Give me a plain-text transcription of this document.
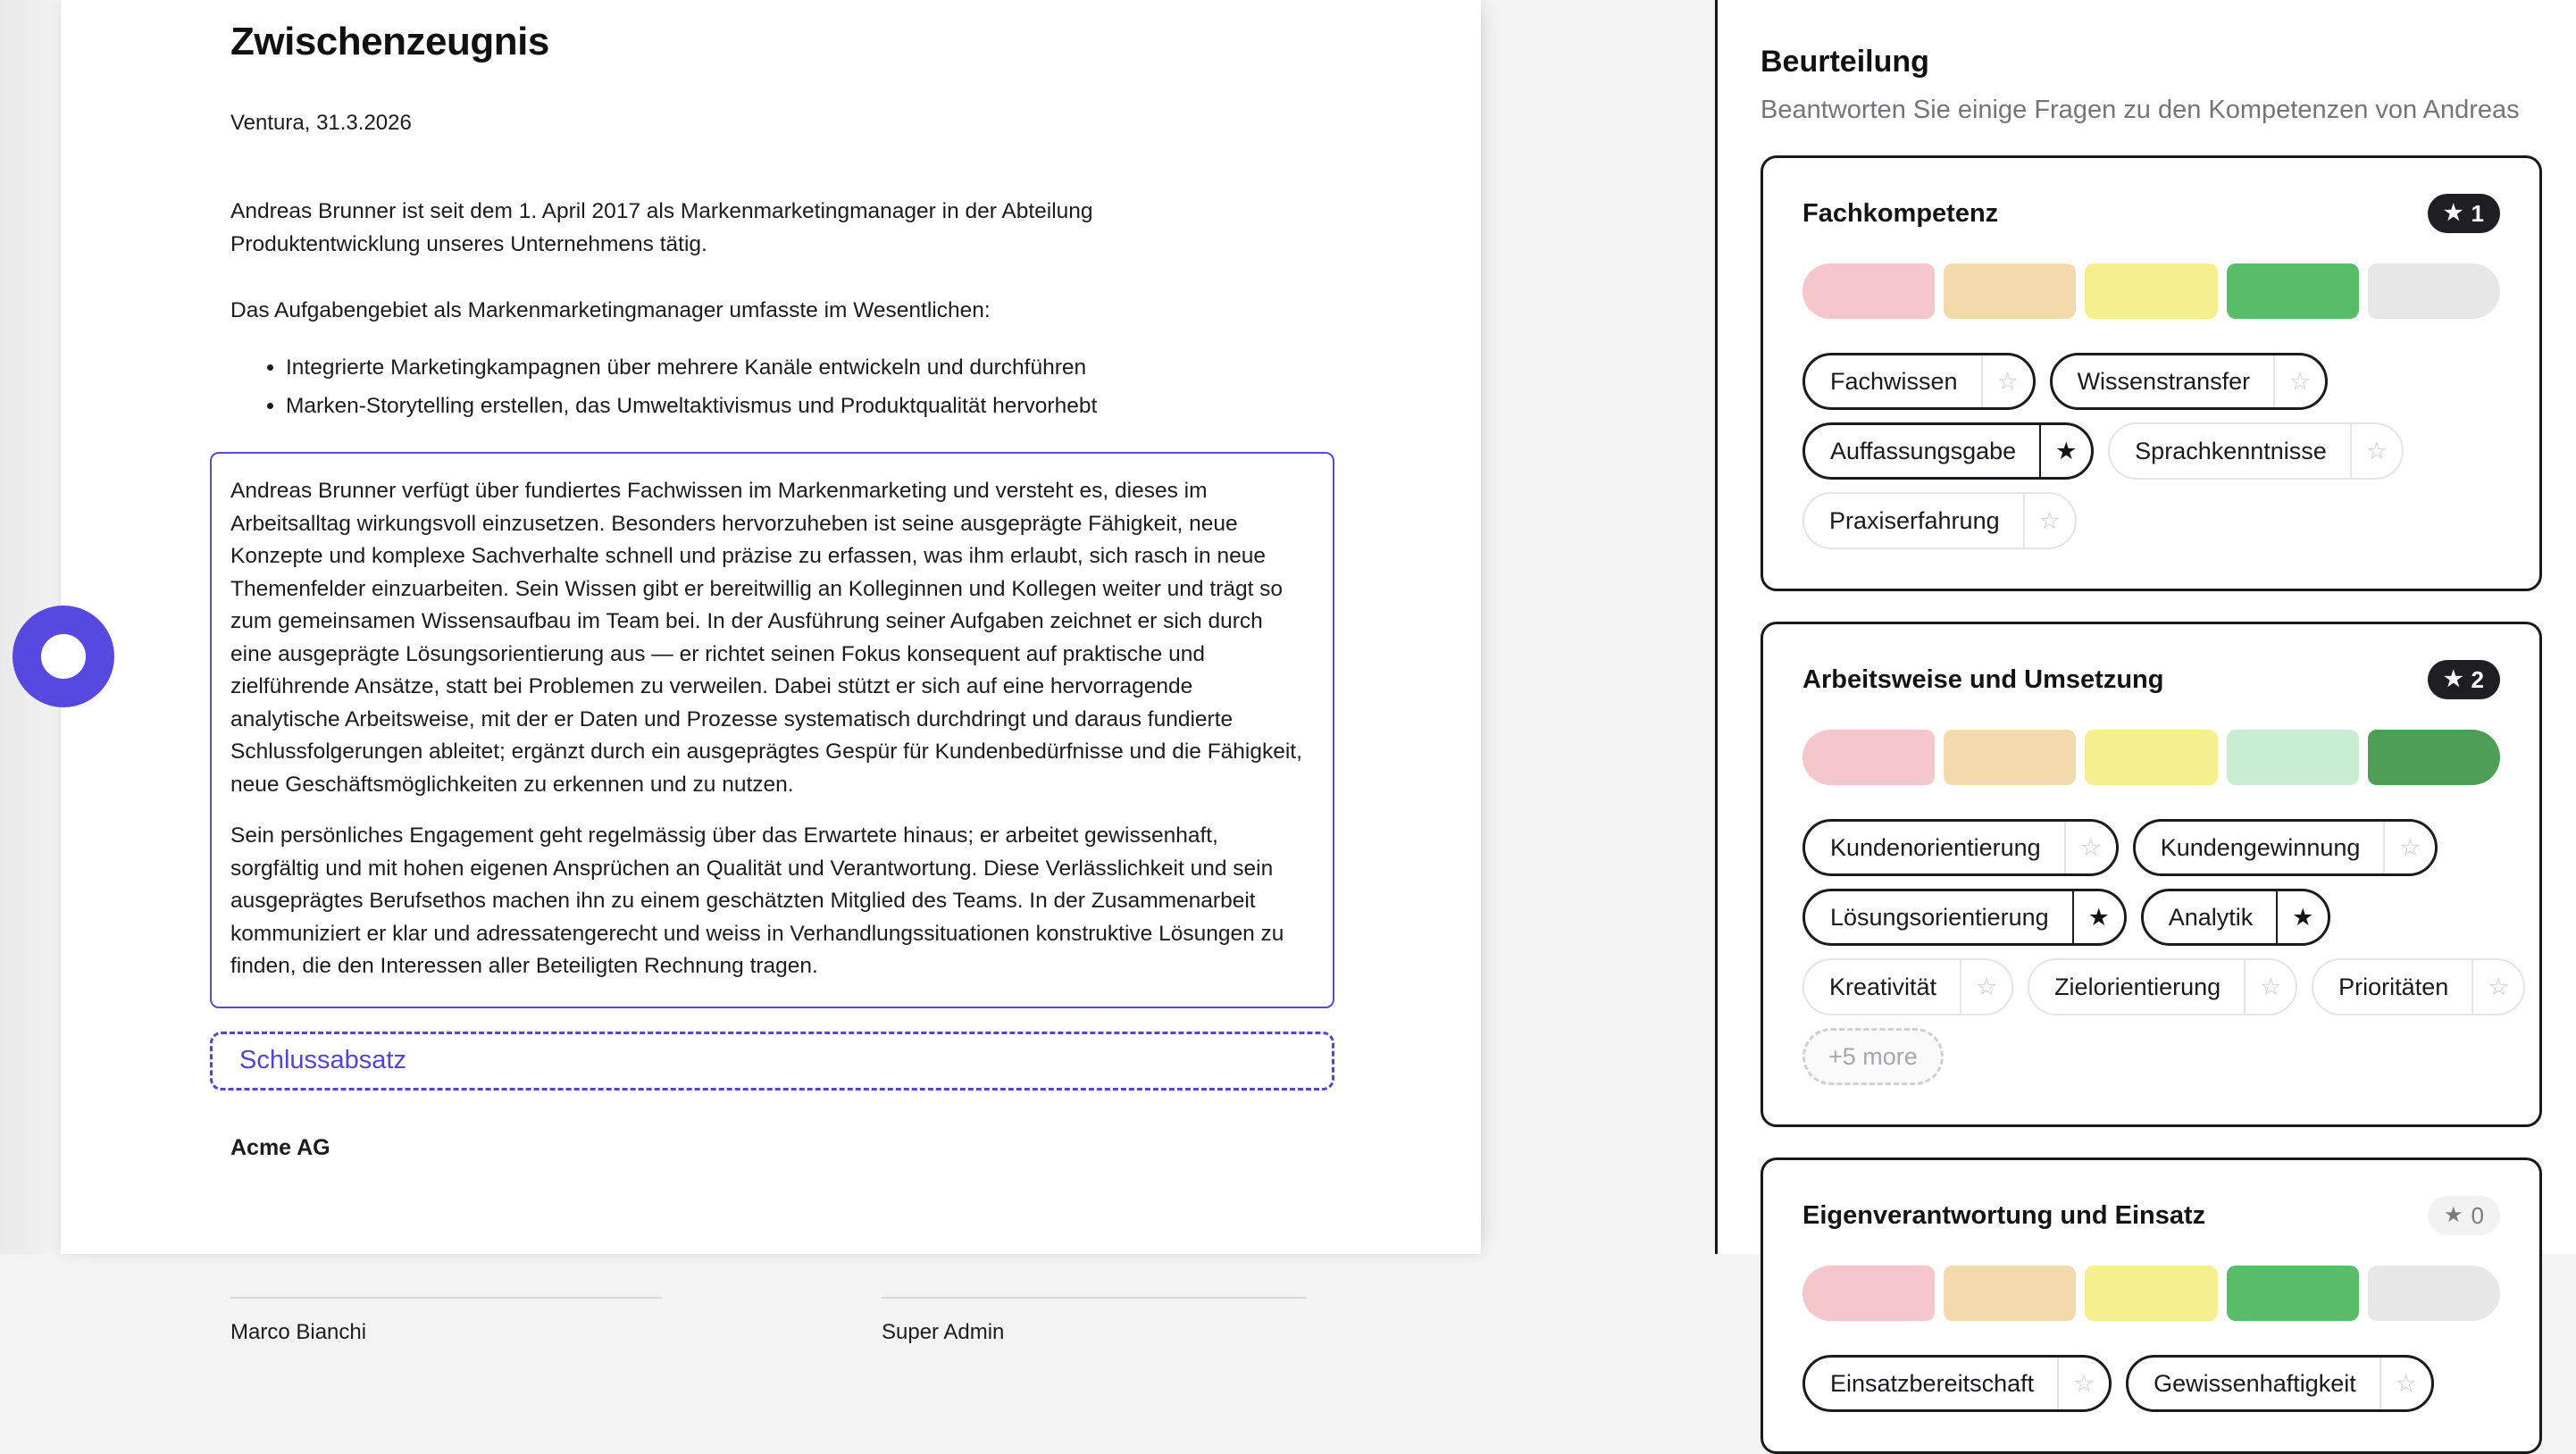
Zwischenzeugnis

Ventura, 31.3.2026

Andreas Brunner ist seit dem 1. April 2017 als Markenmarketingmanager in der Abteilung Produktentwicklung unseres Unternehmens tätig.

Das Aufgabengebiet als Markenmarketingmanager umfasste im Wesentlichen:

• Integrierte Marketingkampagnen über mehrere Kanäle entwickeln und durchführen
• Marken-Storytelling erstellen, das Umweltaktivismus und Produktqualität hervorhebt

Andreas Brunner verfügt über fundiertes Fachwissen im Markenmarketing und versteht es, dieses im Arbeitsalltag wirkungsvoll einzusetzen. Besonders hervorzuheben ist seine ausgeprägte Fähigkeit, neue Konzepte und komplexe Sachverhalte schnell und präzise zu erfassen, was ihm erlaubt, sich rasch in neue Themenfelder einzuarbeiten. Sein Wissen gibt er bereitwillig an Kolleginnen und Kollegen weiter und trägt so zum gemeinsamen Wissensaufbau im Team bei. In der Ausführung seiner Aufgaben zeichnet er sich durch eine ausgeprägte Lösungsorientierung aus — er richtet seinen Fokus konsequent auf praktische und zielführende Ansätze, statt bei Problemen zu verweilen. Dabei stützt er sich auf eine hervorragende analytische Arbeitsweise, mit der er Daten und Prozesse systematisch durchdringt und daraus fundierte Schlussfolgerungen ableitet; ergänzt durch ein ausgeprägtes Gespür für Kundenbedürfnisse und die Fähigkeit, neue Geschäftsmöglichkeiten zu erkennen und zu nutzen.

Sein persönliches Engagement geht regelmässig über das Erwartete hinaus; er arbeitet gewissenhaft, sorgfältig und mit hohen eigenen Ansprüchen an Qualität und Verantwortung. Diese Verlässlichkeit und sein ausgeprägtes Berufsethos machen ihn zu einem geschätzten Mitglied des Teams. In der Zusammenarbeit kommuniziert er klar und adressatengerecht und weiss in Verhandlungssituationen konstruktive Lösungen zu finden, die den Interessen aller Beteiligten Rechnung tragen.

Schlussabsatz

Acme AG

Marco Bianchi	Super Admin
Beurteilung

Beantworten Sie einige Fragen zu den Kompetenzen von Andreas

Fachkompetenz	★ 1
Fachwissen	☆	Wissenstransfer	☆
Auffassungsgabe	★	Sprachkenntnisse	☆
Praxiserfahrung	☆
Arbeitsweise und Umsetzung	★ 2
Kundenorientierung	☆	Kundengewinnung	☆
Lösungsorientierung	★	Analytik	★
Kreativität	☆	Zielorientierung	☆	Prioritäten	☆
+5 more
Eigenverantwortung und Einsatz	★ 0
Einsatzbereitschaft	☆	Gewissenhaftigkeit	☆
